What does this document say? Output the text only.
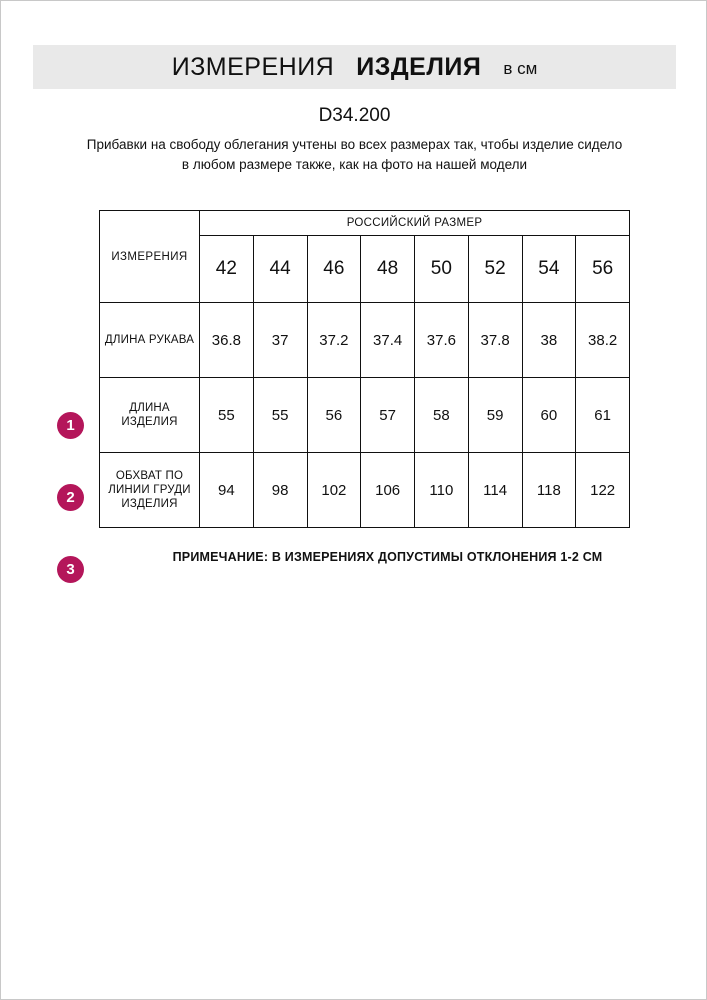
ИЗМЕРЕНИЯ ИЗДЕЛИЯ в см
D34.200
Прибавки на свободу облегания учтены во всех размерах так, чтобы изделие сидело в любом размере также, как на фото на нашей модели
1
2
3
ИЗМЕРЕНИЯ	РОССИЙСКИЙ РАЗМЕР							
	42	44	46	48	50	52	54	56
ДЛИНА РУКАВА	36.8	37	37.2	37.4	37.6	37.8	38	38.2
ДЛИНА ИЗДЕЛИЯ	55	55	56	57	58	59	60	61
ОБХВАТ ПО ЛИНИИ ГРУДИ ИЗДЕЛИЯ	94	98	102	106	110	114	118	122
ПРИМЕЧАНИЕ: В ИЗМЕРЕНИЯХ ДОПУСТИМЫ ОТКЛОНЕНИЯ 1-2 СМ
